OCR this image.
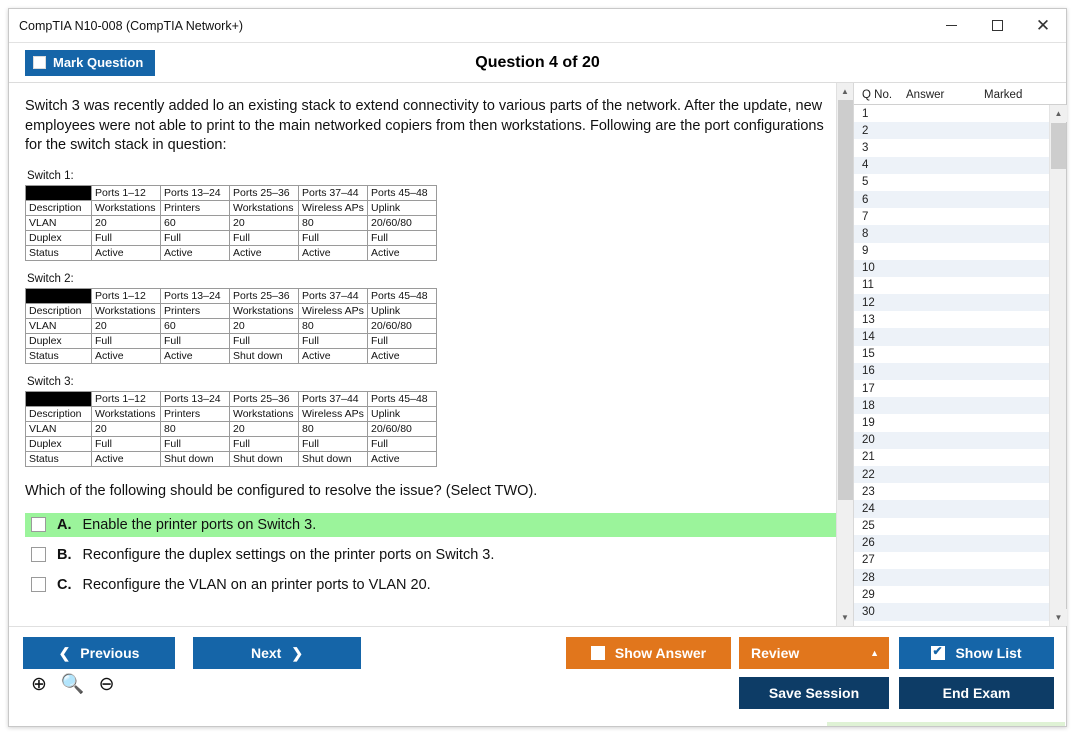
CompTIA N10-008 (CompTIA Network+)	✕
Mark Question	Question 4 of 20

Switch 3 was recently added lo an existing stack to extend connectivity to various parts of the network. After the update, new employees were not able to print to the main networked copiers from then workstations. Following are the port configurations for the switch stack in question:

Switch 1:
	Ports 1–12	Ports 13–24	Ports 25–36	Ports 37–44	Ports 45–48
Description	Workstations	Printers	Workstations	Wireless APs	Uplink
VLAN	20	60	20	80	20/60/80
Duplex	Full	Full	Full	Full	Full
Status	Active	Active	Active	Active	Active
Switch 2:
	Ports 1–12	Ports 13–24	Ports 25–36	Ports 37–44	Ports 45–48
Description	Workstations	Printers	Workstations	Wireless APs	Uplink
VLAN	20	60	20	80	20/60/80
Duplex	Full	Full	Full	Full	Full
Status	Active	Active	Shut down	Active	Active
Switch 3:
	Ports 1–12	Ports 13–24	Ports 25–36	Ports 37–44	Ports 45–48
Description	Workstations	Printers	Workstations	Wireless APs	Uplink
VLAN	20	80	20	80	20/60/80
Duplex	Full	Full	Full	Full	Full
Status	Active	Shut down	Shut down	Shut down	Active
Which of the following should be configured to resolve the issue? (Select TWO).
A. Enable the printer ports on Switch 3.
B. Reconfigure the duplex settings on the printer ports on Switch 3.
C. Reconfigure the VLAN on an printer ports to VLAN 20.
▲
▼
Q No.	Answer	Marked
1
2
3
4
5
6
7
8
9
10
11
12
13
14
15
16
17
18
19
20
21
22
23
24
25
26
27
28
29
30
▲
▼
❮ Previous	Next ❯	Show Answer	Review	▲ ✔	Show List
Save Session	End Exam
⊕ 🔍 ⊖
